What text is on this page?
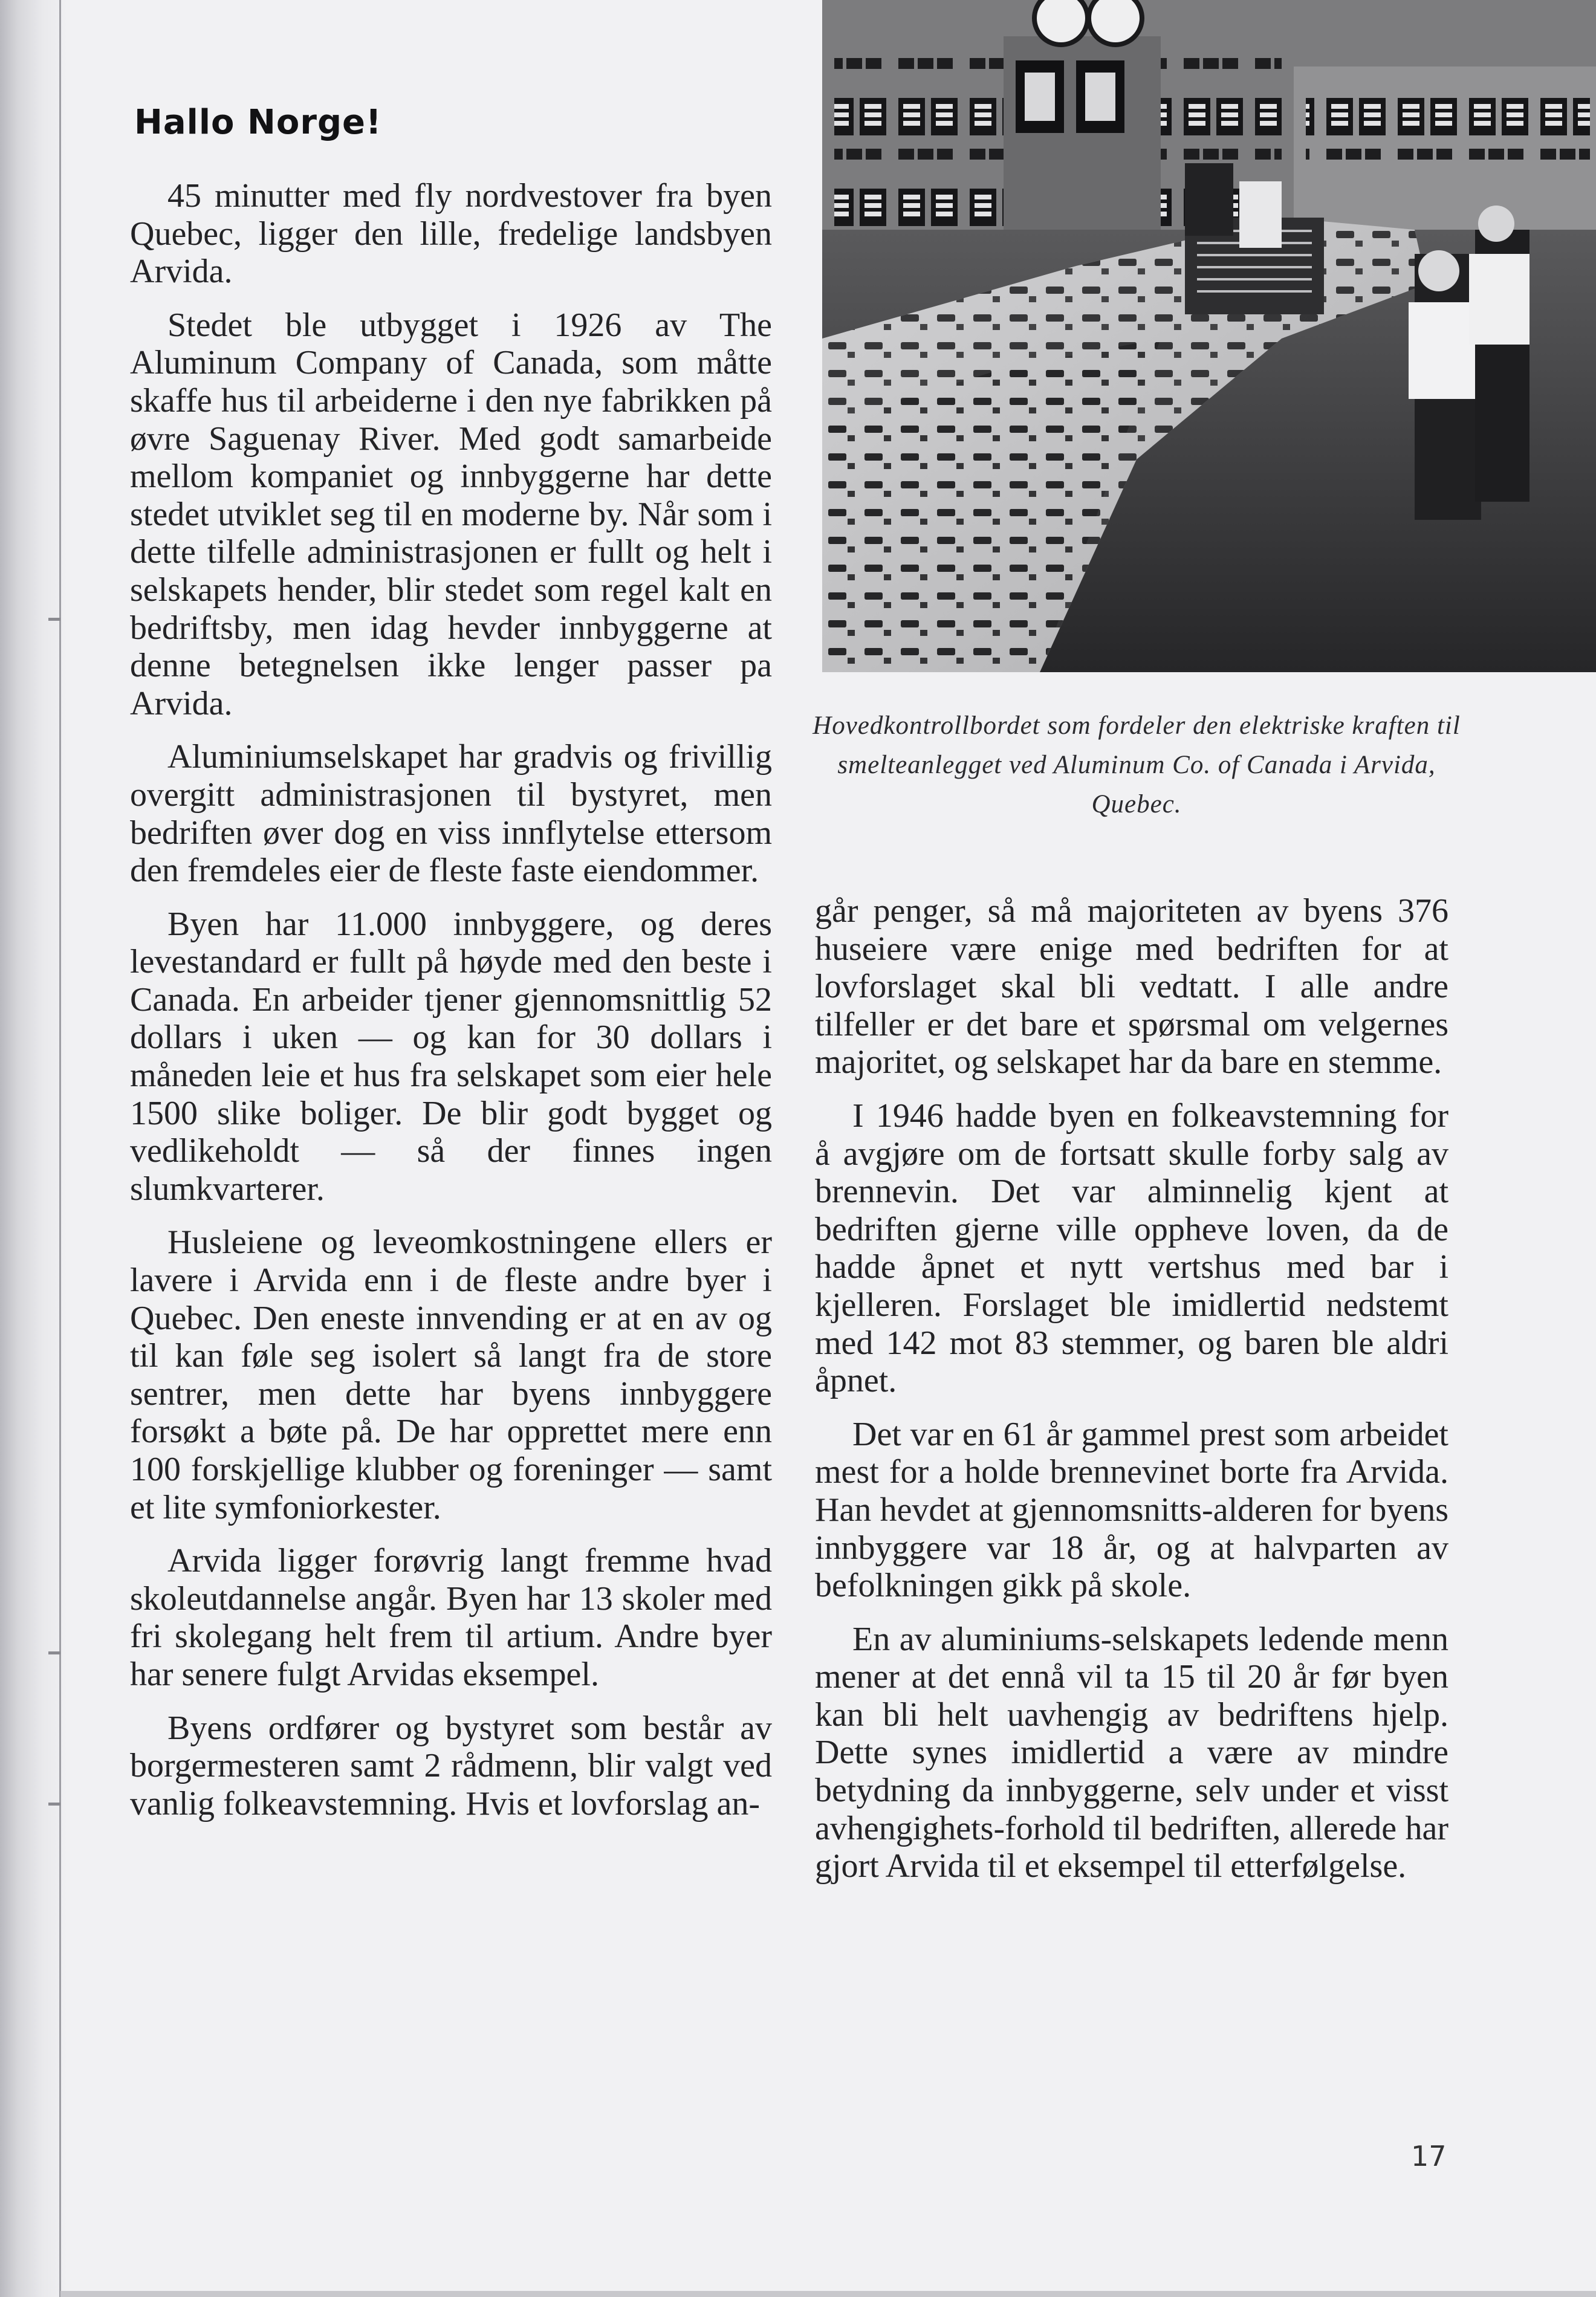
Hallo Norge!

45 minutter med fly nordvestover fra byen Quebec, ligger den lille, fredelige landsbyen Arvida.

Stedet ble utbygget i 1926 av The Aluminum Company of Canada, som måtte skaffe hus til arbeiderne i den nye fabrikken på øvre Saguenay River. Med godt samarbeide mellom kompaniet og innbyggerne har dette stedet utviklet seg til en moderne by. Når som i dette tilfelle administrasjonen er fullt og helt i selskapets hender, blir stedet som regel kalt en bedriftsby, men idag hevder innbyggerne at denne betegnelsen ikke lenger passer pa Arvida.

Aluminiumselskapet har gradvis og frivillig overgitt administrasjonen til bystyret, men bedriften øver dog en viss innflytelse ettersom den fremdeles eier de fleste faste eiendommer.

Byen har 11.000 innbyggere, og deres levestandard er fullt på høyde med den beste i Canada. En arbeider tjener gjennomsnittlig 52 dollars i uken — og kan for 30 dollars i måneden leie et hus fra selskapet som eier hele 1500 slike boliger. De blir godt bygget og vedlikeholdt — så der finnes ingen slumkvarterer.

Husleiene og leveomkostningene ellers er lavere i Arvida enn i de fleste andre byer i Quebec. Den eneste innvending er at en av og til kan føle seg isolert så langt fra de store sentrer, men dette har byens innbyggere forsøkt a bøte på. De har opprettet mere enn 100 forskjellige klubber og foreninger — samt et lite symfoniorkester.

Arvida ligger forøvrig langt fremme hvad skoleutdannelse angår. Byen har 13 skoler med fri skolegang helt frem til artium. Andre byer har senere fulgt Arvidas eksempel.

Byens ordfører og bystyret som består av borgermesteren samt 2 rådmenn, blir valgt ved vanlig folkeavstemning. Hvis et lovforslag an-

Hovedkontrollbordet som fordeler den elektriske kraften til smelteanlegget ved Aluminum Co. of Canada i Arvida, Quebec.

går penger, så må majoriteten av byens 376 huseiere være enige med bedriften for at lovforslaget skal bli vedtatt. I alle andre tilfeller er det bare et spørsmal om velgernes majoritet, og selskapet har da bare en stemme.

I 1946 hadde byen en folkeavstemning for å avgjøre om de fortsatt skulle forby salg av brennevin. Det var alminnelig kjent at bedriften gjerne ville oppheve loven, da de hadde åpnet et nytt vertshus med bar i kjelleren. Forslaget ble imidlertid nedstemt med 142 mot 83 stemmer, og baren ble aldri åpnet.

Det var en 61 år gammel prest som arbeidet mest for a holde brennevinet borte fra Arvida. Han hevdet at gjennomsnitts-alderen for byens innbyggere var 18 år, og at halvparten av befolkningen gikk på skole.

En av aluminiums-selskapets ledende menn mener at det ennå vil ta 15 til 20 år før byen kan bli helt uavhengig av bedriftens hjelp. Dette synes imidlertid a være av mindre betydning da innbyggerne, selv under et visst avhengighets-forhold til bedriften, allerede har gjort Arvida til et eksempel til etterfølgelse.

17
